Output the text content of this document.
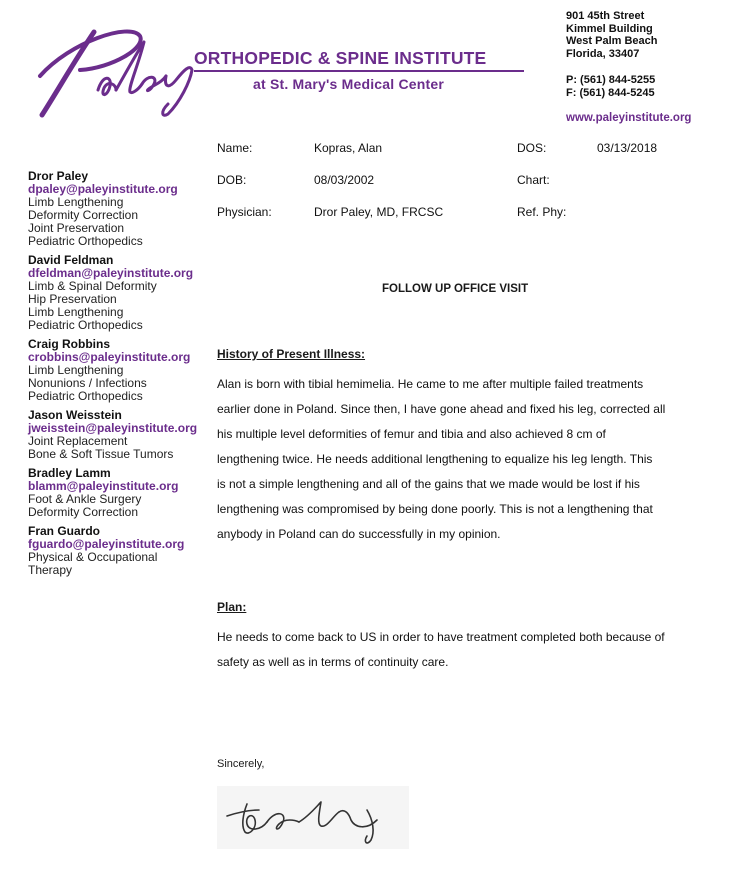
ORTHOPEDIC & SPINE INSTITUTE
at St. Mary's Medical Center
901 45th Street
Kimmel Building
West Palm Beach
Florida, 33407
P: (561) 844-5255
F: (561) 844-5245
www.paleyinstitute.org
Dror Paley
dpaley@paleyinstitute.org
Limb Lengthening
Deformity Correction
Joint Preservation
Pediatric Orthopedics
David Feldman
dfeldman@paleyinstitute.org
Limb & Spinal Deformity
Hip Preservation
Limb Lengthening
Pediatric Orthopedics
Craig Robbins
crobbins@paleyinstitute.org
Limb Lengthening
Nonunions / Infections
Pediatric Orthopedics
Jason Weisstein
jweisstein@paleyinstitute.org
Joint Replacement
Bone & Soft Tissue Tumors
Bradley Lamm
blamm@paleyinstitute.org
Foot & Ankle Surgery
Deformity Correction
Fran Guardo
fguardo@paleyinstitute.org
Physical & Occupational
Therapy
Name:	Kopras, Alan	DOS:	03/13/2018
DOB:	08/03/2002	Chart:
Physician:	Dror Paley, MD, FRCSC	Ref. Phy:
FOLLOW UP OFFICE VISIT
History of Present Illness:
Alan is born with tibial hemimelia. He came to me after multiple failed treatments
earlier done in Poland. Since then, I have gone ahead and fixed his leg, corrected all
his multiple level deformities of femur and tibia and also achieved 8 cm of
lengthening twice. He needs additional lengthening to equalize his leg length. This
is not a simple lengthening and all of the gains that we made would be lost if his
lengthening was compromised by being done poorly. This is not a lengthening that
anybody in Poland can do successfully in my opinion.
Plan:
He needs to come back to US in order to have treatment completed both because of
safety as well as in terms of continuity care.
Sincerely,
